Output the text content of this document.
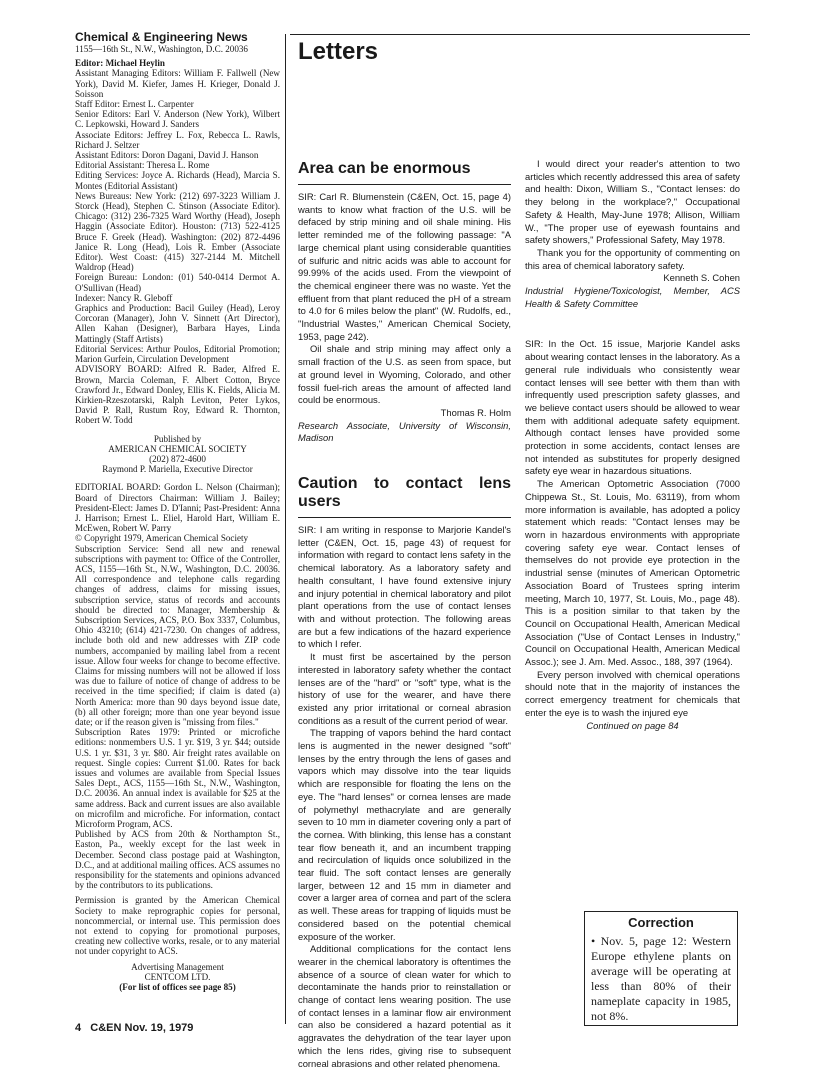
Chemical & Engineering News
1155—16th St., N.W., Washington, D.C. 20036

Editor: Michael Heylin

Assistant Managing Editors: William F. Fallwell (New York), David M. Kiefer, James H. Krieger, Donald J. Soisson

Staff Editor: Ernest L. Carpenter

Senior Editors: Earl V. Anderson (New York), Wilbert C. Lepkowski, Howard J. Sanders

Associate Editors: Jeffrey L. Fox, Rebecca L. Rawls, Richard J. Seltzer

Assistant Editors: Doron Dagani, David J. Hanson

Editorial Assistant: Theresa L. Rome

Editing Services: Joyce A. Richards (Head), Marcia S. Montes (Editorial Assistant)

News Bureaus: New York: (212) 697-3223 William J. Storck (Head), Stephen C. Stinson (Associate Editor). Chicago: (312) 236-7325 Ward Worthy (Head), Joseph Haggin (Associate Editor). Houston: (713) 522-4125 Bruce F. Greek (Head). Washington: (202) 872-4496 Janice R. Long (Head), Lois R. Ember (Associate Editor). West Coast: (415) 327-2144 M. Mitchell Waldrop (Head)

Foreign Bureau: London: (01) 540-0414 Dermot A. O'Sullivan (Head)

Indexer: Nancy R. Gleboff

Graphics and Production: Bacil Guiley (Head), Leroy Corcoran (Manager), John V. Sinnett (Art Director), Allen Kahan (Designer), Barbara Hayes, Linda Mattingly (Staff Artists)

Editorial Services: Arthur Poulos, Editorial Promotion; Marion Gurfein, Circulation Development

ADVISORY BOARD: Alfred R. Bader, Alfred E. Brown, Marcia Coleman, F. Albert Cotton, Bryce Crawford Jr., Edward Donley, Ellis K. Fields, Alicia M. Kirkien-Rzeszotarski, Ralph Leviton, Peter Lykos, David P. Rall, Rustum Roy, Edward R. Thornton, Robert W. Todd

Published by

AMERICAN CHEMICAL SOCIETY

(202) 872-4600

Raymond P. Mariella, Executive Director

EDITORIAL BOARD: Gordon L. Nelson (Chairman); Board of Directors Chairman: William J. Bailey; President-Elect: James D. D'Ianni; Past-President: Anna J. Harrison; Ernest L. Eliel, Harold Hart, William E. McEwen, Robert W. Parry

© Copyright 1979, American Chemical Society

Subscription Service: Send all new and renewal subscriptions with payment to: Office of the Controller, ACS, 1155—16th St., N.W., Washington, D.C. 20036. All correspondence and telephone calls regarding changes of address, claims for missing issues, subscription service, status of records and accounts should be directed to: Manager, Membership & Subscription Services, ACS, P.O. Box 3337, Columbus, Ohio 43210; (614) 421-7230. On changes of address, include both old and new addresses with ZIP code numbers, accompanied by mailing label from a recent issue. Allow four weeks for change to become effective. Claims for missing numbers will not be allowed if loss was due to failure of notice of change of address to be received in the time specified; if claim is dated (a) North America: more than 90 days beyond issue date, (b) all other foreign; more than one year beyond issue date; or if the reason given is "missing from files."

Subscription Rates 1979: Printed or microfiche editions: nonmembers U.S. 1 yr. $19, 3 yr. $44; outside U.S. 1 yr. $31, 3 yr. $80. Air freight rates available on request. Single copies: Current $1.00. Rates for back issues and volumes are available from Special Issues Sales Dept., ACS, 1155—16th St., N.W., Washington, D.C. 20036. An annual index is available for $25 at the same address. Back and current issues are also available on microfilm and microfiche. For information, contact Microform Program, ACS.

Published by ACS from 20th & Northampton St., Easton, Pa., weekly except for the last week in December. Second class postage paid at Washington, D.C., and at additional mailing offices. ACS assumes no responsibility for the statements and opinions advanced by the contributors to its publications.

Permission is granted by the American Chemical Society to make reprographic copies for personal, noncommercial, or internal use. This permission does not extend to copying for promotional purposes, creating new collective works, resale, or to any material not under copyright to ACS.

Advertising Management

CENTCOM LTD.

(For list of offices see page 85)

Letters
Area can be enormous

SIR: Carl R. Blumenstein (C&EN, Oct. 15, page 4) wants to know what fraction of the U.S. will be defaced by strip mining and oil shale mining. His letter reminded me of the following passage: "A large chemical plant using considerable quantities of sulfuric and nitric acids was able to account for 99.99% of the acids used. From the viewpoint of the chemical engineer there was no waste. Yet the effluent from that plant reduced the pH of a stream to 4.0 for 6 miles below the plant" (W. Rudolfs, ed., "Industrial Wastes," American Chemical Society, 1953, page 242).

Oil shale and strip mining may affect only a small fraction of the U.S. as seen from space, but at ground level in Wyoming, Colorado, and other fossil fuel-rich areas the amount of affected land could be enormous.

Thomas R. Holm

Research Associate, University of Wisconsin, Madison

Caution to contact lens users

SIR: I am writing in response to Marjorie Kandel's letter (C&EN, Oct. 15, page 43) of request for information with regard to contact lens safety in the chemical laboratory. As a laboratory safety and health consultant, I have found extensive injury and injury potential in chemical laboratory and pilot plant operations from the use of contact lenses with and without protection. The following areas are but a few indications of the hazard experience to which I refer.

It must first be ascertained by the person interested in laboratory safety whether the contact lenses are of the "hard" or "soft" type, what is the history of use for the wearer, and have there existed any prior irritational or corneal abrasion conditions as a result of the current period of wear.

The trapping of vapors behind the hard contact lens is augmented in the newer designed "soft" lenses by the entry through the lens of gases and vapors which may dissolve into the tear liquids which are responsible for floating the lens on the eye. The "hard lenses" or cornea lenses are made of polymethyl methacrylate and are generally seven to 10 mm in diameter covering only a part of the cornea. With blinking, this lense has a constant tear flow beneath it, and an incumbent trapping and recirculation of liquids once solubilized in the tear fluid. The soft contact lenses are generally larger, between 12 and 15 mm in diameter and cover a larger area of cornea and part of the sclera as well. These areas for trapping of liquids must be considered based on the potential chemical exposure of the worker.

Additional complications for the contact lens wearer in the chemical laboratory is oftentimes the absence of a source of clean water for which to decontaminate the hands prior to reinstallation or change of contact lens wearing position. The use of contact lenses in a laminar flow air environment can also be considered a hazard potential as it aggravates the dehydration of the tear layer upon which the lens rides, giving rise to subsequent corneal abrasions and other related phenomena.

I would direct your reader's attention to two articles which recently addressed this area of safety and health: Dixon, William S., "Contact lenses: do they belong in the workplace?," Occupational Safety & Health, May-June 1978; Allison, William W., "The proper use of eyewash fountains and safety showers," Professional Safety, May 1978.

Thank you for the opportunity of commenting on this area of chemical laboratory safety.

Kenneth S. Cohen

Industrial Hygiene/Toxicologist, Member, ACS Health & Safety Committee

SIR: In the Oct. 15 issue, Marjorie Kandel asks about wearing contact lenses in the laboratory. As a general rule individuals who consistently wear contact lenses will see better with them than with infrequently used prescription safety glasses, and we believe contact users should be allowed to wear them with additional adequate safety equipment. Although contact lenses have provided some protection in some accidents, contact lenses are not intended as substitutes for properly designed safety eye wear in hazardous situations.

The American Optometric Association (7000 Chippewa St., St. Louis, Mo. 63119), from whom more information is available, has adopted a policy statement which reads: "Contact lenses may be worn in hazardous environments with appropriate covering safety eye wear. Contact lenses of themselves do not provide eye protection in the industrial sense (minutes of American Optometric Association Board of Trustees spring interim meeting, March 10, 1977, St. Louis, Mo., page 48). This is a position similar to that taken by the Council on Occupational Health, American Medical Association ("Use of Contact Lenses in Industry," Council on Occupational Health, American Medical Assoc.); see J. Am. Med. Assoc., 188, 397 (1964).

Every person involved with chemical operations should note that in the majority of instances the correct emergency treatment for chemicals that enter the eye is to wash the injured eye

Continued on page 84

Correction
• Nov. 5, page 12: Western Europe ethylene plants on average will be operating at less than 80% of their nameplate capacity in 1985, not 8%.
4 C&EN Nov. 19, 1979
